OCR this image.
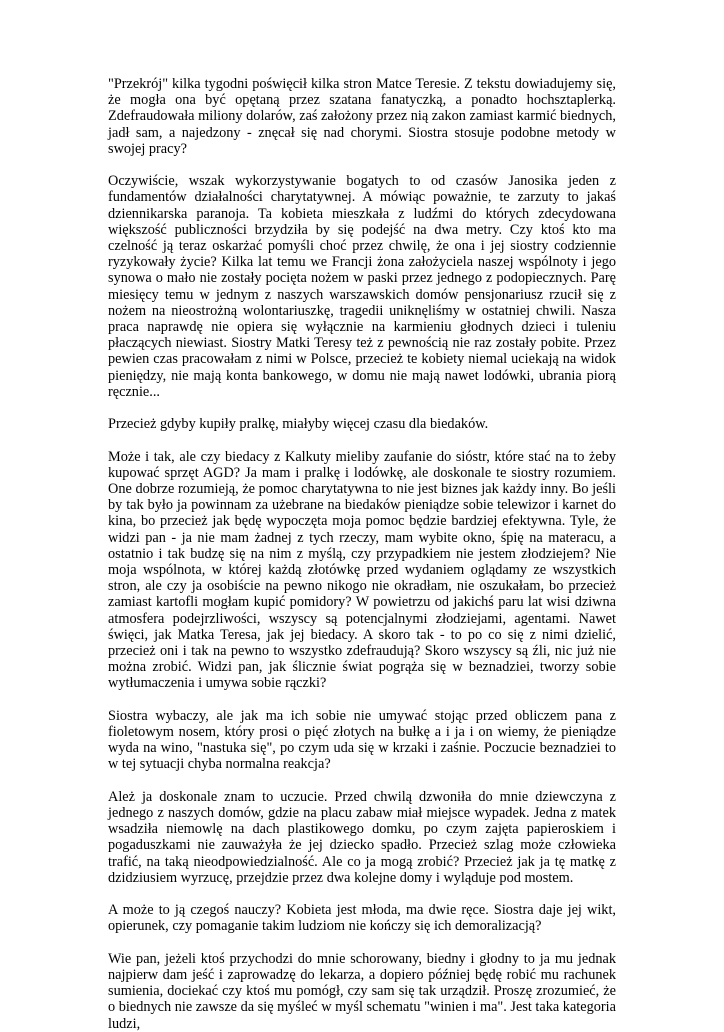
"Przekrój" kilka tygodni poświęcił kilka stron Matce Teresie. Z tekstu dowiadujemy się, że mogła ona być opętaną przez szatana fanatyczką, a ponadto hochsztaplerką. Zdefraudowała miliony dolarów, zaś założony przez nią zakon zamiast karmić biednych, jadł sam, a najedzony - znęcał się nad chorymi. Siostra stosuje podobne metody w swojej pracy?

Oczywiście, wszak wykorzystywanie bogatych to od czasów Janosika jeden z fundamentów działalności charytatywnej. A mówiąc poważnie, te zarzuty to jakaś dziennikarska paranoja. Ta kobieta mieszkała z ludźmi do których zdecydowana większość publiczności brzydziła by się podejść na dwa metry. Czy ktoś kto ma czelność ją teraz oskarżać pomyśli choć przez chwilę, że ona i jej siostry codziennie ryzykowały życie? Kilka lat temu we Francji żona założyciela naszej wspólnoty i jego synowa o mało nie zostały pocięta nożem w paski przez jednego z podopiecznych. Parę miesięcy temu w jednym z naszych warszawskich domów pensjonariusz rzucił się z nożem na nieostrożną wolontariuszkę, tragedii uniknęliśmy w ostatniej chwili. Nasza praca naprawdę nie opiera się wyłącznie na karmieniu głodnych dzieci i tuleniu płaczących niewiast. Siostry Matki Teresy też z pewnością nie raz zostały pobite. Przez pewien czas pracowałam z nimi w Polsce, przecież te kobiety niemal uciekają na widok pieniędzy, nie mają konta bankowego, w domu nie mają nawet lodówki, ubrania piorą ręcznie...

Przecież gdyby kupiły pralkę, miałyby więcej czasu dla biedaków.

Może i tak, ale czy biedacy z Kalkuty mieliby zaufanie do sióstr, które stać na to żeby kupować sprzęt AGD? Ja mam i pralkę i lodówkę, ale doskonale te siostry rozumiem. One dobrze rozumieją, że pomoc charytatywna to nie jest biznes jak każdy inny. Bo jeśli by tak było ja powinnam za użebrane na biedaków pieniądze sobie telewizor i karnet do kina, bo przecież jak będę wypoczęta moja pomoc będzie bardziej efektywna. Tyle, że widzi pan - ja nie mam żadnej z tych rzeczy, mam wybite okno, śpię na materacu, a ostatnio i tak budzę się na nim z myślą, czy przypadkiem nie jestem złodziejem? Nie moja wspólnota, w której każdą złotówkę przed wydaniem oglądamy ze wszystkich stron, ale czy ja osobiście na pewno nikogo nie okradłam, nie oszukałam, bo przecież zamiast kartofli mogłam kupić pomidory? W powietrzu od jakichś paru lat wisi dziwna atmosfera podejrzliwości, wszyscy są potencjalnymi złodziejami, agentami. Nawet święci, jak Matka Teresa, jak jej biedacy. A skoro tak - to po co się z nimi dzielić, przecież oni i tak na pewno to wszystko zdefraudują? Skoro wszyscy są źli, nic już nie można zrobić. Widzi pan, jak ślicznie świat pogrąża się w beznadziei, tworzy sobie wytłumaczenia i umywa sobie rączki?

Siostra wybaczy, ale jak ma ich sobie nie umywać stojąc przed obliczem pana z fioletowym nosem, który prosi o pięć złotych na bułkę a i ja i on wiemy, że pieniądze wyda na wino, "nastuka się", po czym uda się w krzaki i zaśnie. Poczucie beznadziei to w tej sytuacji chyba normalna reakcja?

Ależ ja doskonale znam to uczucie. Przed chwilą dzwoniła do mnie dziewczyna z jednego z naszych domów, gdzie na placu zabaw miał miejsce wypadek. Jedna z matek wsadziła niemowlę na dach plastikowego domku, po czym zajęta papieroskiem i pogaduszkami nie zauważyła że jej dziecko spadło. Przecież szlag może człowieka trafić, na taką nieodpowiedzialność. Ale co ja mogą zrobić? Przecież jak ja tę matkę z dzidziusiem wyrzucę, przejdzie przez dwa kolejne domy i wyląduje pod mostem.

A może to ją czegoś nauczy? Kobieta jest młoda, ma dwie ręce. Siostra daje jej wikt, opierunek, czy pomaganie takim ludziom nie kończy się ich demoralizacją?

Wie pan, jeżeli ktoś przychodzi do mnie schorowany, biedny i głodny to ja mu jednak najpierw dam jeść i zaprowadzę do lekarza, a dopiero później będę robić mu rachunek sumienia, dociekać czy ktoś mu pomógł, czy sam się tak urządził. Proszę zrozumieć, że o biednych nie zawsze da się myśleć w myśl schematu "winien i ma". Jest taka kategoria ludzi,
